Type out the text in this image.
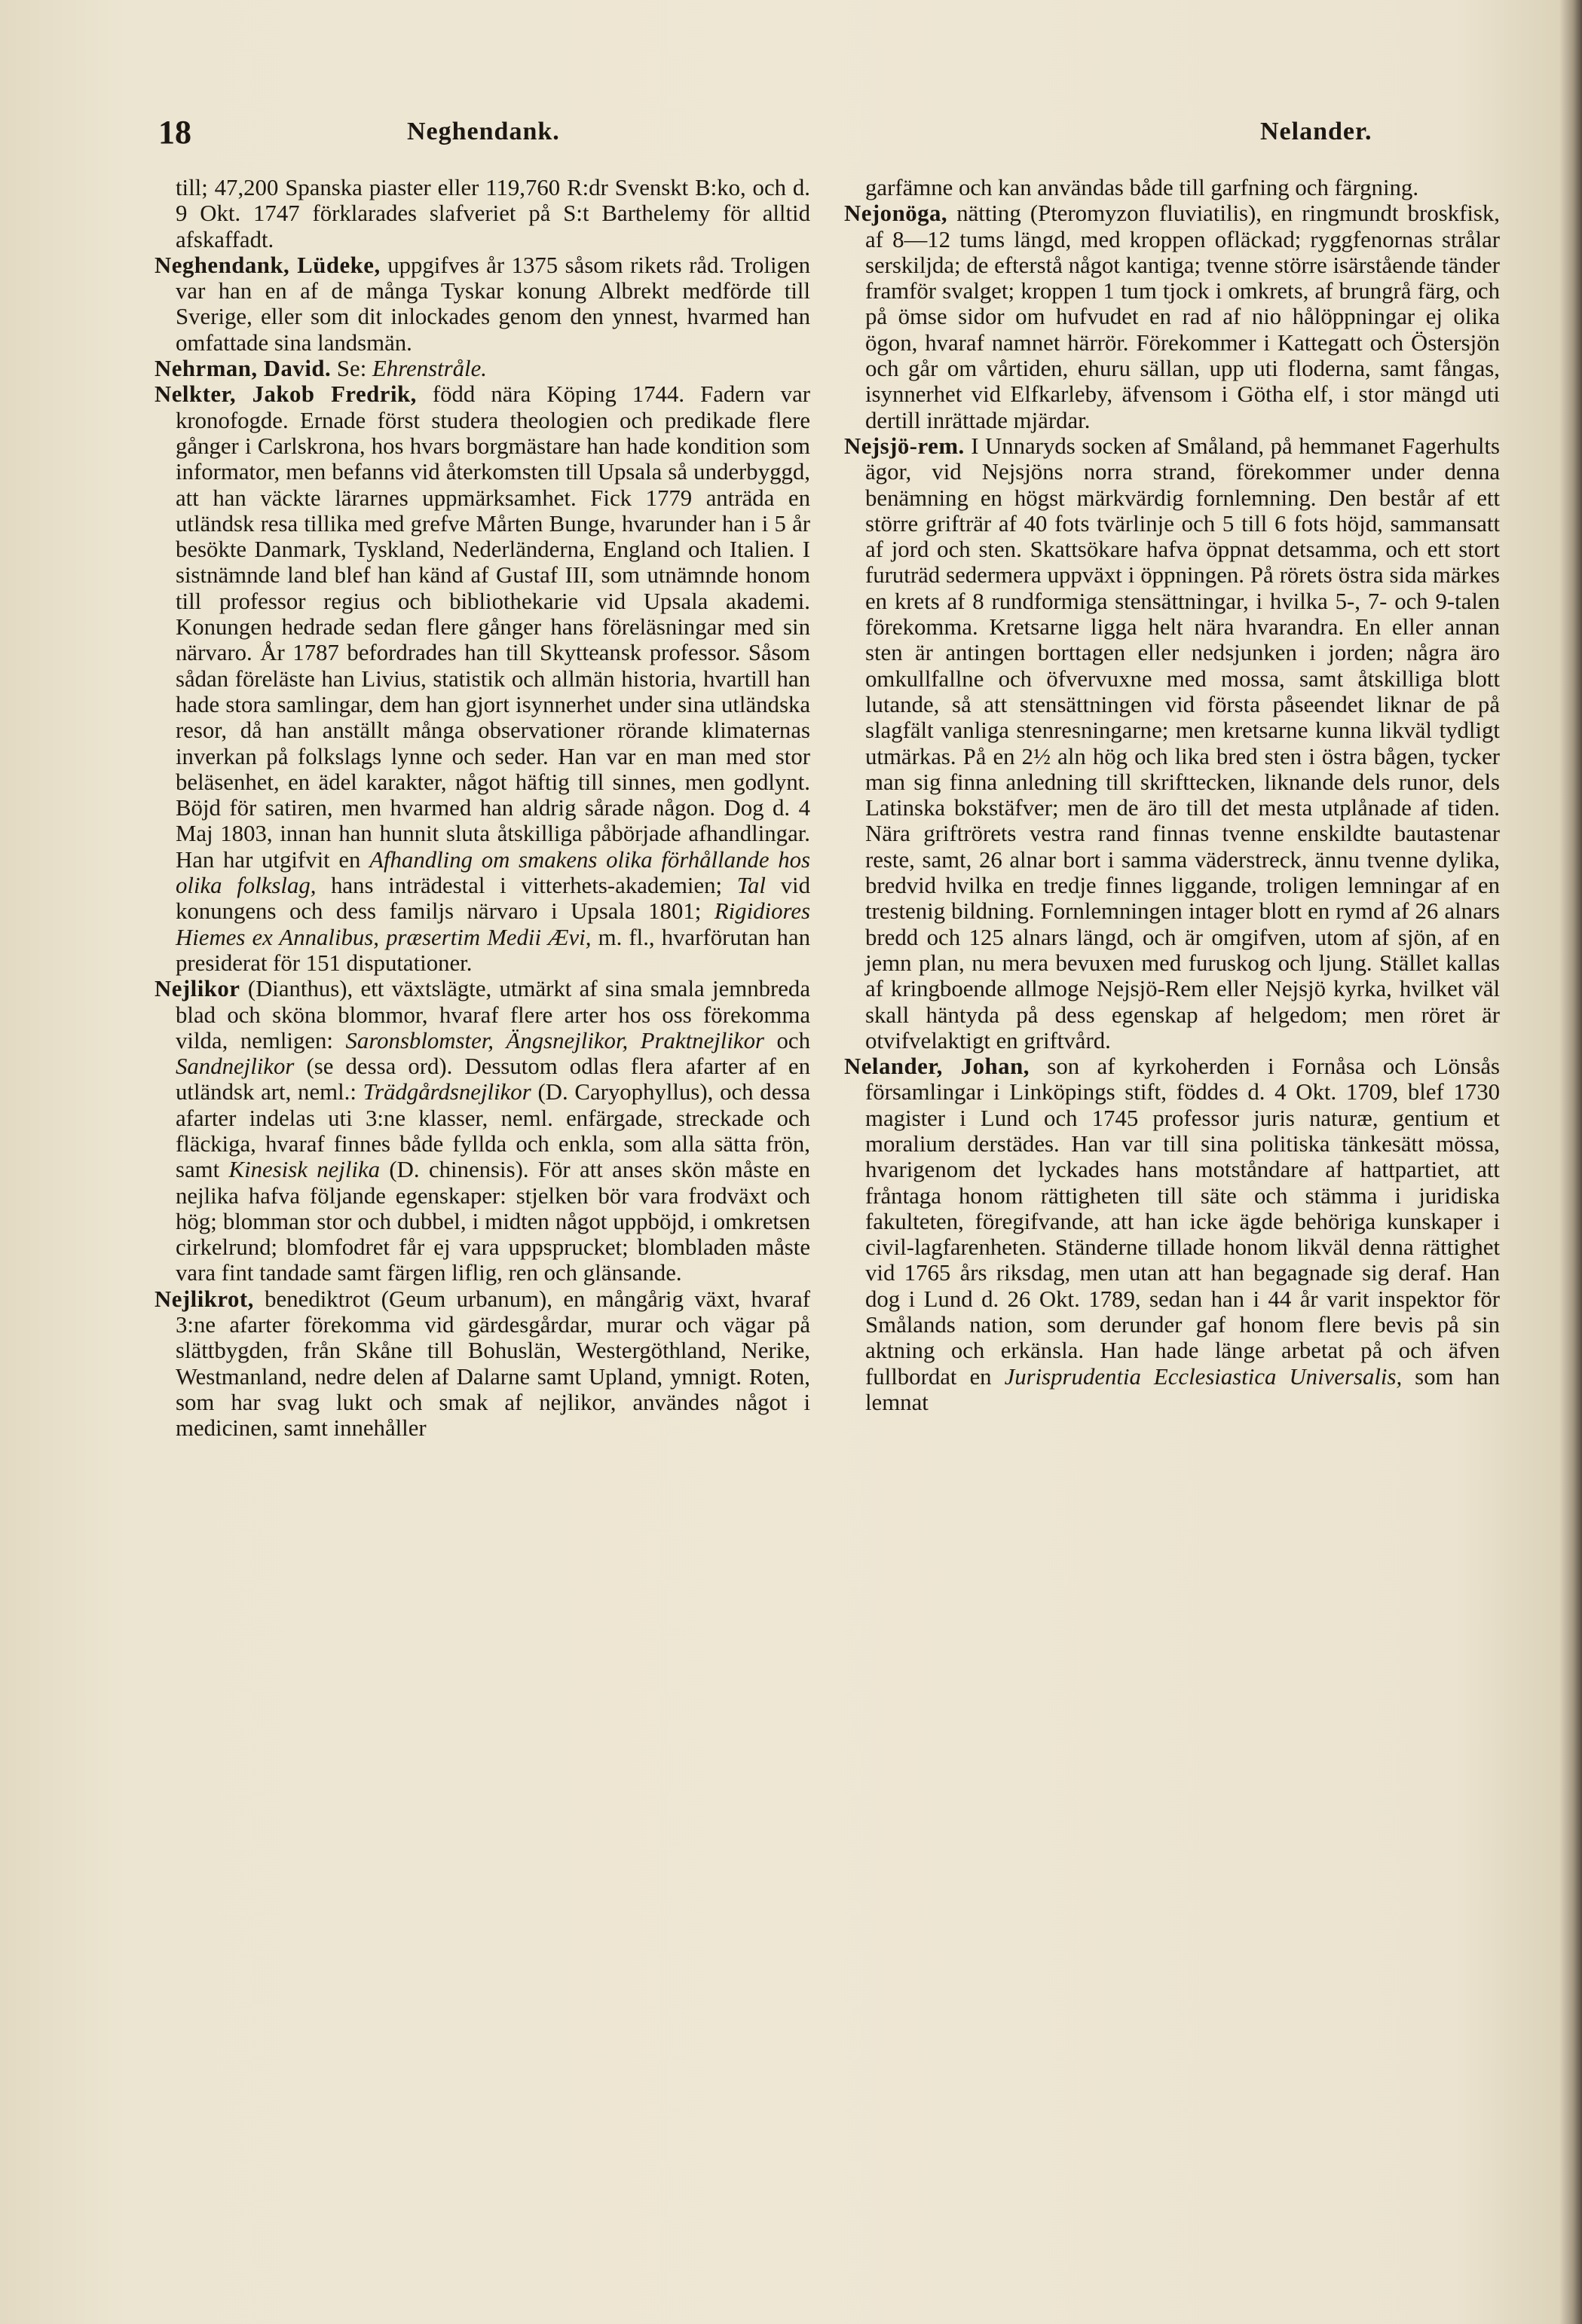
18	Neghendank.	Nelander.

till; 47,200 Spanska piaster eller 119,760 R:dr Svenskt B:ko, och d. 9 Okt. 1747 förklarades slafveriet på S:t Barthelemy för alltid afskaffadt.

Neghendank, Lüdeke, uppgifves år 1375 såsom rikets råd. Troligen var han en af de många Tyskar konung Albrekt medförde till Sverige, eller som dit inlockades genom den ynnest, hvarmed han omfattade sina landsmän.

Nehrman, David. Se: Ehrenstråle.

Nelkter, Jakob Fredrik, född nära Köping 1744. Fadern var kronofogde. Ernade först studera theologien och predikade flere gånger i Carlskrona, hos hvars borgmästare han hade kondition som informator, men befanns vid återkomsten till Upsala så underbyggd, att han väckte lärarnes uppmärksamhet. Fick 1779 anträda en utländsk resa tillika med grefve Mårten Bunge, hvarunder han i 5 år besökte Danmark, Tyskland, Nederländerna, England och Italien. I sistnämnde land blef han känd af Gustaf III, som utnämnde honom till professor regius och bibliothekarie vid Upsala akademi. Konungen hedrade sedan flere gånger hans föreläsningar med sin närvaro. År 1787 befordrades han till Skytteansk professor. Såsom sådan föreläste han Livius, statistik och allmän historia, hvartill han hade stora samlingar, dem han gjort isynnerhet under sina utländska resor, då han anställt många observationer rörande klimaternas inverkan på folkslags lynne och seder. Han var en man med stor beläsenhet, en ädel karakter, något häftig till sinnes, men godlynt. Böjd för satiren, men hvarmed han aldrig sårade någon. Dog d. 4 Maj 1803, innan han hunnit sluta åtskilliga påbörjade afhandlingar. Han har utgifvit en Afhandling om smakens olika förhållande hos olika folkslag, hans inträdestal i vitterhets-akademien; Tal vid konungens och dess familjs närvaro i Upsala 1801; Rigidiores Hiemes ex Annalibus, præsertim Medii Ævi, m. fl., hvarförutan han presiderat för 151 disputationer.

Nejlikor (Dianthus), ett växtslägte, utmärkt af sina smala jemnbreda blad och sköna blommor, hvaraf flere arter hos oss förekomma vilda, nemligen: Saronsblomster, Ängsnejlikor, Praktnejlikor och Sandnejlikor (se dessa ord). Dessutom odlas flera afarter af en utländsk art, neml.: Trädgårdsnejlikor (D. Caryophyllus), och dessa afarter indelas uti 3:ne klasser, neml. enfärgade, streckade och fläckiga, hvaraf finnes både fyllda och enkla, som alla sätta frön, samt Kinesisk nejlika (D. chinensis). För att anses skön måste en nejlika hafva följande egenskaper: stjelken bör vara frodväxt och hög; blomman stor och dubbel, i midten något uppböjd, i omkretsen cirkelrund; blomfodret får ej vara uppsprucket; blombladen måste vara fint tandade samt färgen liflig, ren och glänsande.

Nejlikrot, benediktrot (Geum urbanum), en mångårig växt, hvaraf 3:ne afarter förekomma vid gärdesgårdar, murar och vägar på slättbygden, från Skåne till Bohuslän, Westergöthland, Nerike, Westmanland, nedre delen af Dalarne samt Upland, ymnigt. Roten, som har svag lukt och smak af nejlikor, användes något i medicinen, samt innehåller

garfämne och kan användas både till garfning och färgning.

Nejonöga, nätting (Pteromyzon fluviatilis), en ringmundt broskfisk, af 8—12 tums längd, med kroppen ofläckad; ryggfenornas strålar serskiljda; de efterstå något kantiga; tvenne större isärstående tänder framför svalget; kroppen 1 tum tjock i omkrets, af brungrå färg, och på ömse sidor om hufvudet en rad af nio hålöppningar ej olika ögon, hvaraf namnet härrör. Förekommer i Kattegatt och Östersjön och går om vårtiden, ehuru sällan, upp uti floderna, samt fångas, isynnerhet vid Elfkarleby, äfvensom i Götha elf, i stor mängd uti dertill inrättade mjärdar.

Nejsjö-rem. I Unnaryds socken af Småland, på hemmanet Fagerhults ägor, vid Nejsjöns norra strand, förekommer under denna benämning en högst märkvärdig fornlemning. Den består af ett större grifträr af 40 fots tvärlinje och 5 till 6 fots höjd, sammansatt af jord och sten. Skattsökare hafva öppnat detsamma, och ett stort furuträd sedermera uppväxt i öppningen. På rörets östra sida märkes en krets af 8 rundformiga stensättningar, i hvilka 5-, 7- och 9-talen förekomma. Kretsarne ligga helt nära hvarandra. En eller annan sten är antingen borttagen eller nedsjunken i jorden; några äro omkullfallne och öfvervuxne med mossa, samt åtskilliga blott lutande, så att stensättningen vid första påseendet liknar de på slagfält vanliga stenresningarne; men kretsarne kunna likväl tydligt utmärkas. På en 2½ aln hög och lika bred sten i östra bågen, tycker man sig finna anledning till skrifttecken, liknande dels runor, dels Latinska bokstäfver; men de äro till det mesta utplånade af tiden. Nära griftrörets vestra rand finnas tvenne enskildte bautastenar reste, samt, 26 alnar bort i samma väderstreck, ännu tvenne dylika, bredvid hvilka en tredje finnes liggande, troligen lemningar af en trestenig bildning. Fornlemningen intager blott en rymd af 26 alnars bredd och 125 alnars längd, och är omgifven, utom af sjön, af en jemn plan, nu mera bevuxen med furuskog och ljung. Stället kallas af kringboende allmoge Nejsjö-Rem eller Nejsjö kyrka, hvilket väl skall häntyda på dess egenskap af helgedom; men röret är otvifvelaktigt en griftvård.

Nelander, Johan, son af kyrkoherden i Fornåsa och Lönsås församlingar i Linköpings stift, föddes d. 4 Okt. 1709, blef 1730 magister i Lund och 1745 professor juris naturæ, gentium et moralium derstädes. Han var till sina politiska tänkesätt mössa, hvarigenom det lyckades hans motståndare af hattpartiet, att fråntaga honom rättigheten till säte och stämma i juridiska fakulteten, föregifvande, att han icke ägde behöriga kunskaper i civil-lagfarenheten. Ständerne tillade honom likväl denna rättighet vid 1765 års riksdag, men utan att han begagnade sig deraf. Han dog i Lund d. 26 Okt. 1789, sedan han i 44 år varit inspektor för Smålands nation, som derunder gaf honom flere bevis på sin aktning och erkänsla. Han hade länge arbetat på och äfven fullbordat en Jurisprudentia Ecclesiastica Universalis, som han lemnat
